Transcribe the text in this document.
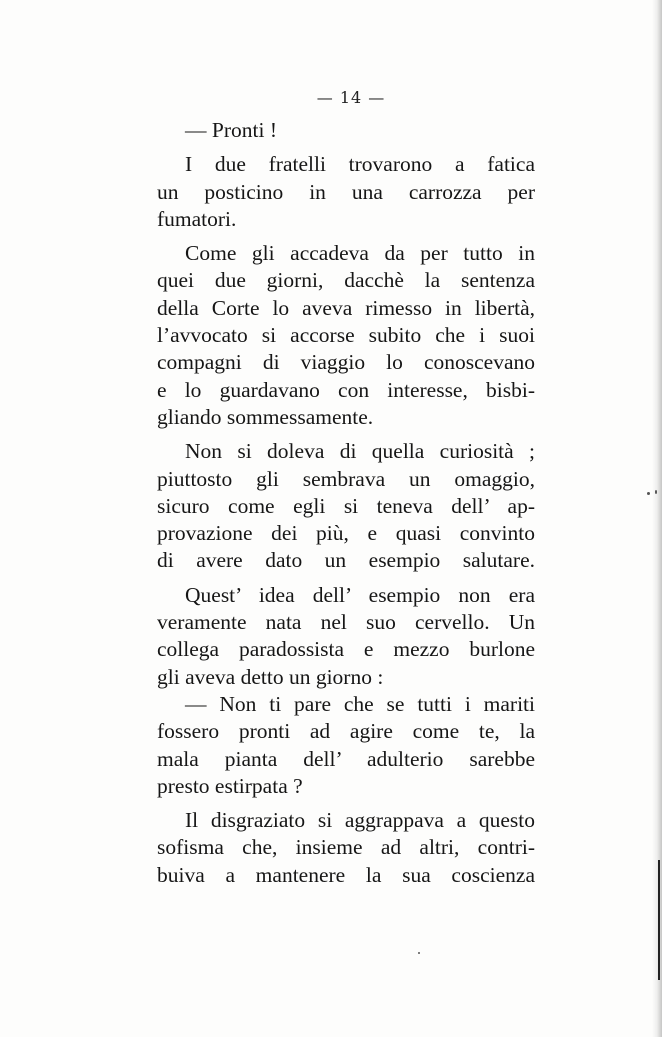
— 14 —
— Pronti !
I due fratelli trovarono a fatica
un posticino in una carrozza per
fumatori.
Come gli accadeva da per tutto in
quei due giorni, dacchè la sentenza
della Corte lo aveva rimesso in libertà,
l’avvocato si accorse subito che i suoi
compagni di viaggio lo conoscevano
e lo guardavano con interesse, bisbi-
gliando sommessamente.
Non si doleva di quella curiosità ;
piuttosto gli sembrava un omaggio,
sicuro come egli si teneva dell’ ap-
provazione dei più, e quasi convinto
di avere dato un esempio salutare.
Quest’ idea dell’ esempio non era
veramente nata nel suo cervello. Un
collega paradossista e mezzo burlone
gli aveva detto un giorno :
— Non ti pare che se tutti i mariti
fossero pronti ad agire come te, la
mala pianta dell’ adulterio sarebbe
presto estirpata ?
Il disgraziato si aggrappava a questo
sofisma che, insieme ad altri, contri-
buiva a mantenere la sua coscienza
